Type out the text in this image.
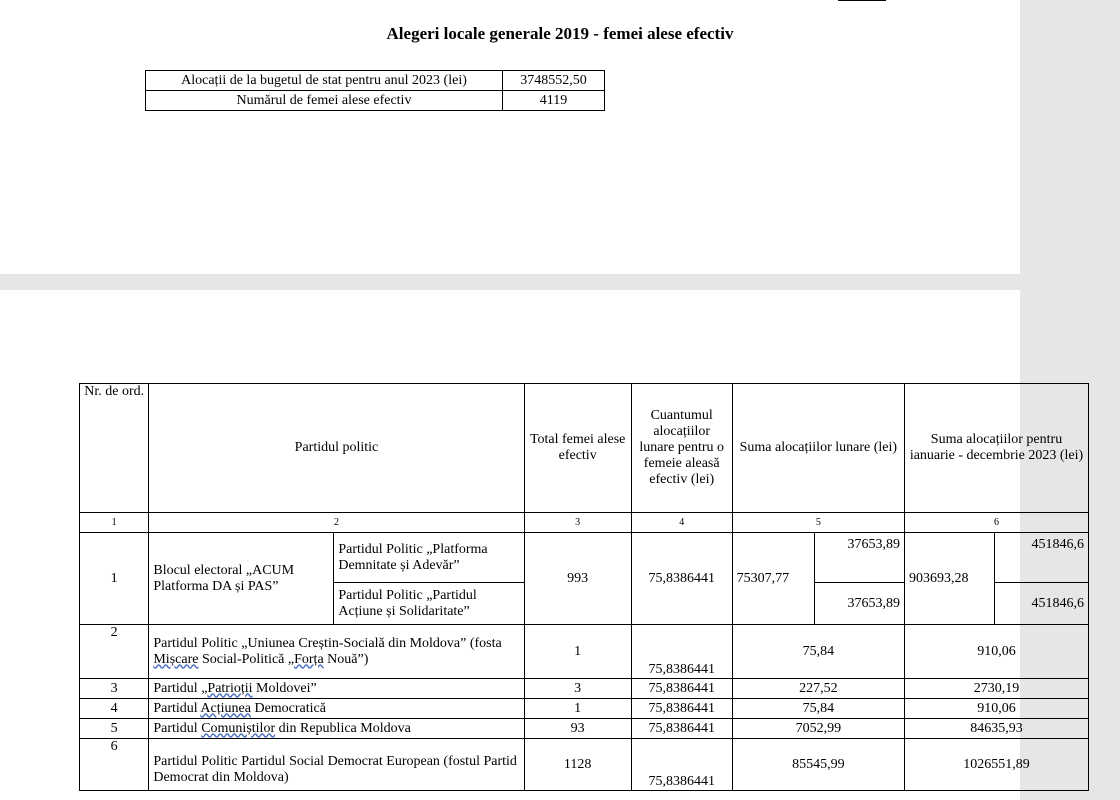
Alegeri locale generale 2019 - femei alese efectiv
Alocații de la bugetul de stat pentru anul 2023 (lei)	3748552,50
Numărul de femei alese efectiv	4119
Nr. de ord.	Partidul politic		Total femei alese efectiv	Cuantumul alocațiilor lunare pentru o femeie aleasă efectiv (lei)	Suma alocațiilor lunare (lei)		Suma alocațiilor pentru ianuarie - decembrie 2023 (lei)	
1	2		3	4	5		6	
1	Blocul electoral „ACUM Platforma DA și PAS”	Partidul Politic „Platforma Demnitate și Adevăr”	993	75,8386441	75307,77	37653,89	903693,28	451846,6
		Partidul Politic „Partidul Acțiune și Solidaritate”				37653,89		451846,6
2	Partidul Politic „Uniunea Creștin-Socială din Moldova” (fosta Mișcare Social-Politică „Forța Nouă”)		1	75,8386441	75,84		910,06	
3	Partidul „Patrioții Moldovei”		3	75,8386441	227,52		2730,19	
4	Partidul Acțiunea Democratică		1	75,8386441	75,84		910,06	
5	Partidul Comuniștilor din Republica Moldova		93	75,8386441	7052,99		84635,93	
6	Partidul Politic Partidul Social Democrat European (fostul Partid Democrat din Moldova)		1128	75,8386441	85545,99		1026551,89	
